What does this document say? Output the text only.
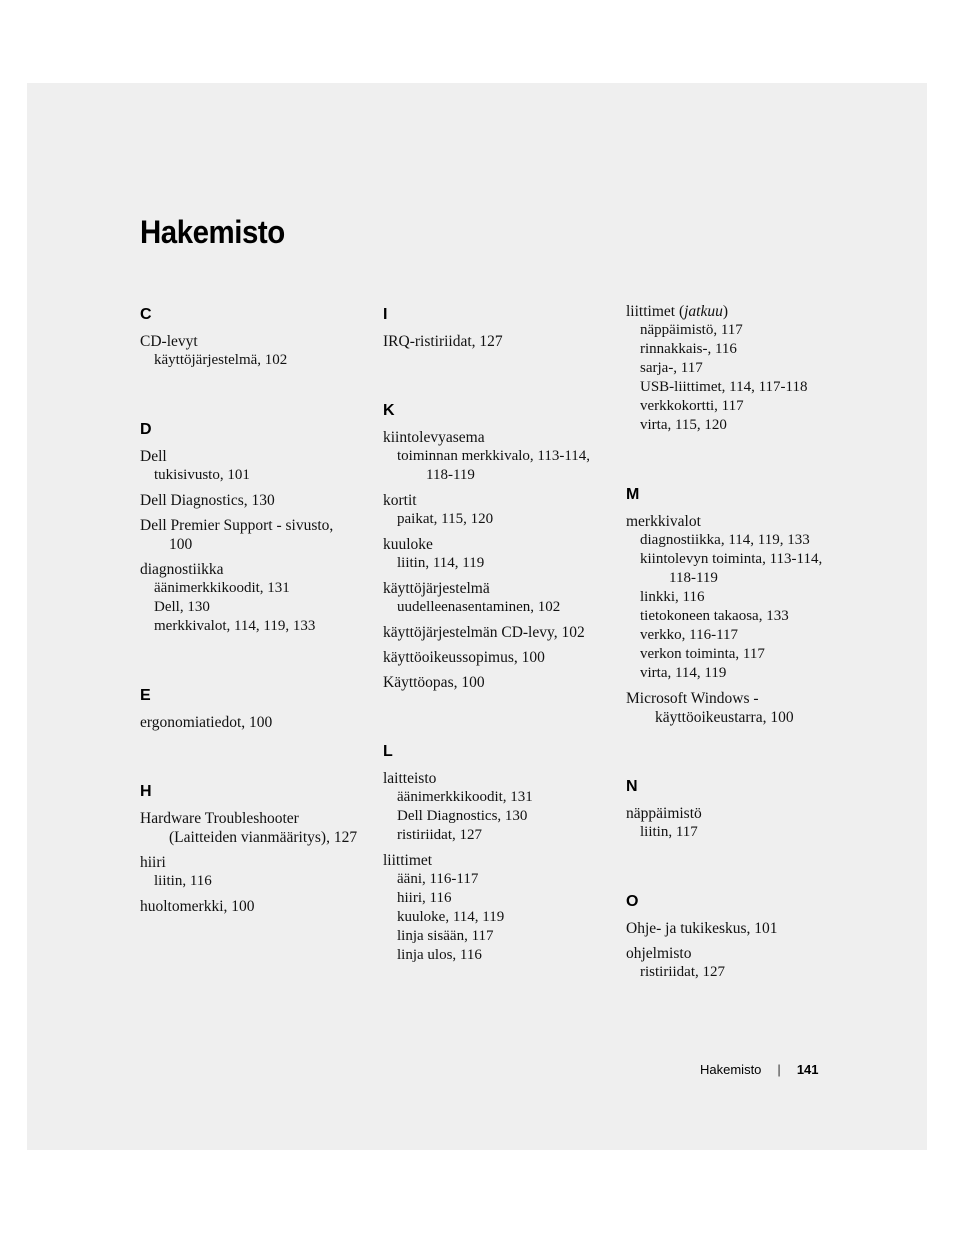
Hakemisto
C
CD-levyt
käyttöjärjestelmä, 102
D
Dell
tukisivusto, 101
Dell Diagnostics, 130
Dell Premier Support - sivusto, 100
diagnostiikka
äänimerkkikoodit, 131
Dell, 130
merkkivalot, 114, 119, 133
E
ergonomiatiedot, 100
H
Hardware Troubleshooter (Laitteiden vianmääritys), 127
hiiri
liitin, 116
huoltomerkki, 100
I
IRQ-ristiriidat, 127
K
kiintolevyasema
toiminnan merkkivalo, 113-114, 118-119
kortit
paikat, 115, 120
kuuloke
liitin, 114, 119
käyttöjärjestelmä
uudelleenasentaminen, 102
käyttöjärjestelmän CD-levy, 102
käyttöoikeussopimus, 100
Käyttöopas, 100
L
laitteisto
äänimerkkikoodit, 131
Dell Diagnostics, 130
ristiriidat, 127
liittimet
ääni, 116-117
hiiri, 116
kuuloke, 114, 119
linja sisään, 117
linja ulos, 116
liittimet (jatkuu)
näppäimistö, 117
rinnakkais-, 116
sarja-, 117
USB-liittimet, 114, 117-118
verkkokortti, 117
virta, 115, 120
M
merkkivalot
diagnostiikka, 114, 119, 133
kiintolevyn toiminta, 113-114, 118-119
linkki, 116
tietokoneen takaosa, 133
verkko, 116-117
verkon toiminta, 117
virta, 114, 119
Microsoft Windows - käyttöoikeustarra, 100
N
näppäimistö
liitin, 117
O
Ohje- ja tukikeskus, 101
ohjelmisto
ristiriidat, 127
Hakemisto | 141
